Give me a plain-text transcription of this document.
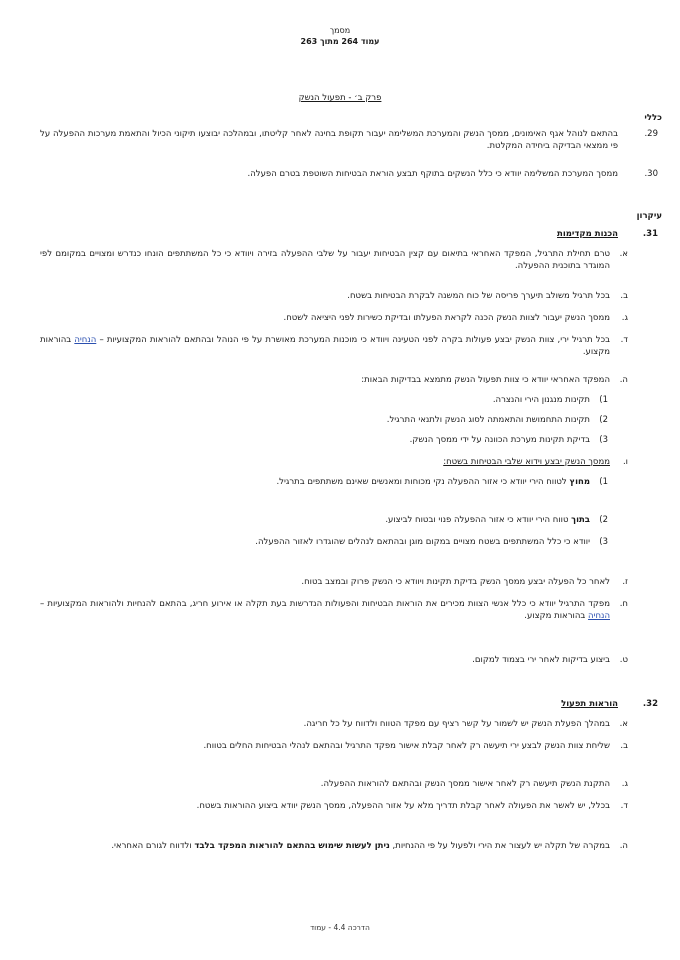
מסמך
עמוד 264 מתוך 263
פרק ב׳ - תפעול הנשק
כללי
29.
בהתאם לנוהל אגף האימונים, ממסך הנשק והמערכת המשלימה יעבור תקופת בחינה לאחר קליטתו, ובמהלכה יבוצעו תיקוני הכיול והתאמת מערכות ההפעלה על פי ממצאי הבדיקה ביחידה המקלטת.
30.
ממסך המערכת המשלימה יוודא כי כלל הנשקים בתוקף תבצע הוראת הבטיחות השוטפת בטרם הפעלה.
עיקרון
31.הכנות מקדימות
א.
טרם תחילת התרגיל, המפקד האחראי בתיאום עם קצין הבטיחות יעבור על שלבי ההפעלה בזירה ויוודא כי כל המשתתפים הונחו כנדרש ומצויים במקומם לפי המוגדר בתוכנית ההפעלה.
ב.
בכל תרגיל משולב תיערך פריסה של כוח המשנה לבקרת הבטיחות בשטח.
ג.
ממסך הנשק יעבור לצוות הנשק הכנה לקראת הפעלתו ובדיקת כשירות לפני היציאה לשטח.
ד.
בכל תרגיל ירי, צוות הנשק יבצע פעולות בקרה לפני הטעינה ויוודא כי מוכנות המערכת מאושרת על פי הנוהל ובהתאם להוראות המקצועיות – הנחיה בהוראות מקצוע.
ה.
המפקד האחראי יוודא כי צוות תפעול הנשק מתמצא בבדיקות הבאות:
1)
תקינות מנגנון הירי והנצרה.
2)
תקינות התחמושת והתאמתה לסוג הנשק ולתנאי התרגיל.
3)
בדיקת תקינות מערכת הכוונה על ידי ממסך הנשק.
ו.
ממסך הנשק יבצע וידוא שלבי הבטיחות בשטח:
1)
מחוץ לטווח הירי יוודא כי אזור ההפעלה נקי מכוחות ומאנשים שאינם משתתפים בתרגיל.
2)
בתוך טווח הירי יוודא כי אזור ההפעלה פנוי ובטוח לביצוע.
3)
יוודא כי כלל המשתתפים בשטח מצויים במקום מוגן ובהתאם לנהלים שהוגדרו לאזור ההפעלה.
ז.
לאחר כל הפעלה יבצע ממסך הנשק בדיקת תקינות ויוודא כי הנשק פרוק ובמצב בטוח.
ח.
מפקד התרגיל יוודא כי כלל אנשי הצוות מכירים את הוראות הבטיחות והפעולות הנדרשות בעת תקלה או אירוע חריג, בהתאם להנחיות ולהוראות המקצועיות – הנחיה בהוראות מקצוע.
ט.
ביצוע בדיקות לאחר ירי בצמוד למקום.
32.הוראות תפעול
א.
במהלך הפעלת הנשק יש לשמור על קשר רציף עם מפקד הטווח ולדווח על כל חריגה.
ב.
שליחת צוות הנשק לבצע ירי תיעשה רק לאחר קבלת אישור מפקד התרגיל ובהתאם לנהלי הבטיחות החלים בטווח.
ג.
התקנת הנשק תיעשה רק לאחר אישור ממסך הנשק ובהתאם להוראות ההפעלה.
ד.
בכלל, יש לאשר את הפעולה לאחר קבלת תדריך מלא על אזור ההפעלה, ממסך הנשק יוודא ביצוע ההוראות בשטח.
ה.
במקרה של תקלה יש לעצור את הירי ולפעול על פי ההנחיות, ניתן לעשות שימוש בהתאם להוראות המפקד בלבד ולדווח לגורם האחראי.
הדרכה 4.4 - עמוד
